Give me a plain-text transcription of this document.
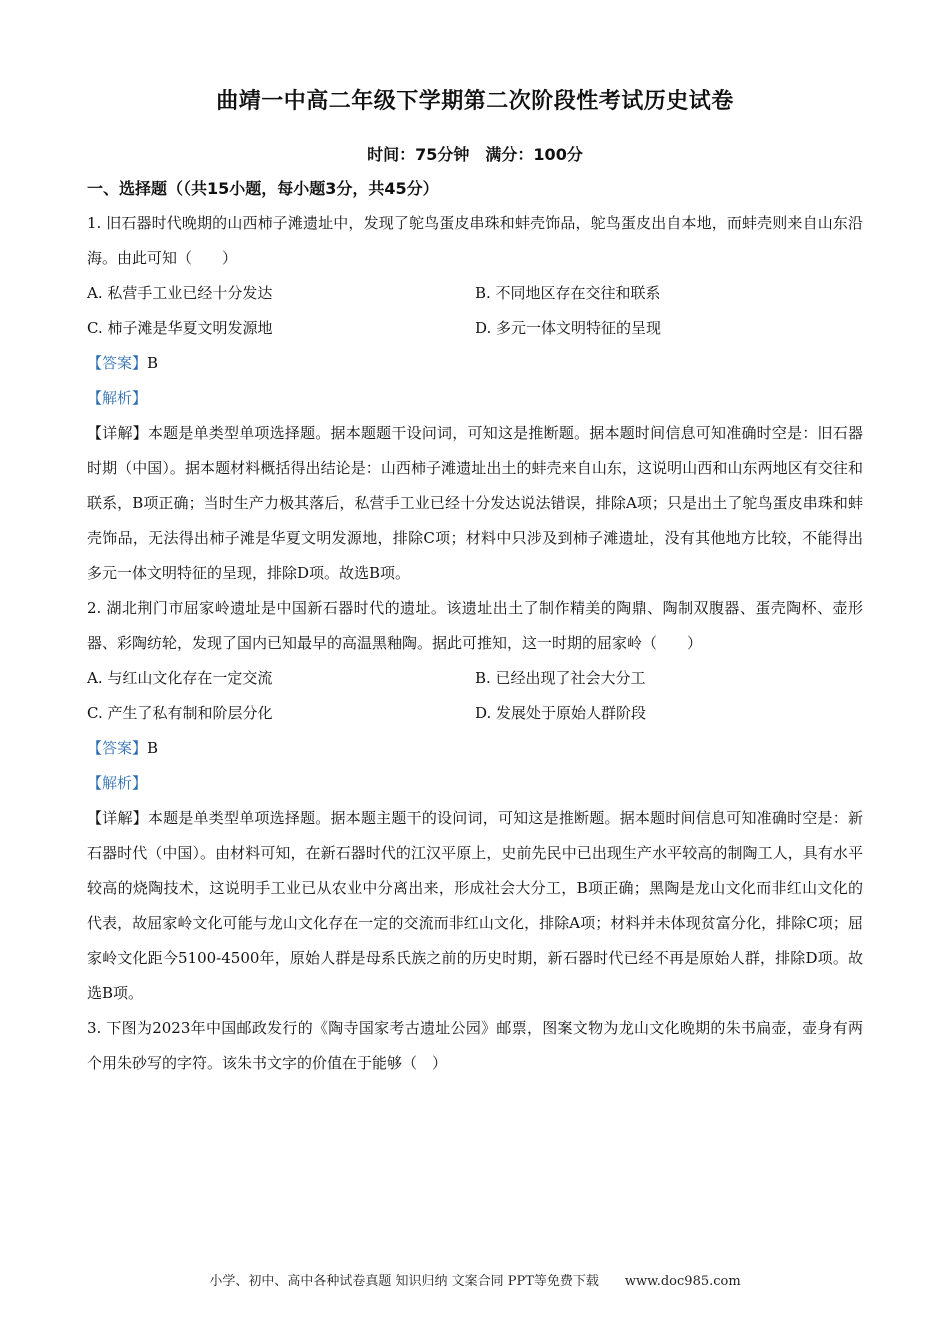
曲靖一中高二年级下学期第二次阶段性考试历史试卷
时间：75分钟　满分：100分
一、选择题（（共15小题，每小题3分，共45分）

1. 旧石器时代晚期的山西柿子滩遗址中，发现了鸵鸟蛋皮串珠和蚌壳饰品，鸵鸟蛋皮出自本地，而蚌壳则来自山东沿海。由此可知（　　）

A. 私营手工业已经十分发达	B. 不同地区存在交往和联系
C. 柿子滩是华夏文明发源地	D. 多元一体文明特征的呈现

【答案】B

【解析】

【详解】本题是单类型单项选择题。据本题题干设问词，可知这是推断题。据本题时间信息可知准确时空是：旧石器时期（中国）。据本题材料概括得出结论是：山西柿子滩遗址出土的蚌壳来自山东，这说明山西和山东两地区有交往和联系，B项正确；当时生产力极其落后，私营手工业已经十分发达说法错误，排除A项；只是出土了鸵鸟蛋皮串珠和蚌壳饰品，无法得出柿子滩是华夏文明发源地，排除C项；材料中只涉及到柿子滩遗址，没有其他地方比较，不能得出多元一体文明特征的呈现，排除D项。故选B项。

2. 湖北荆门市屈家岭遗址是中国新石器时代的遗址。该遗址出土了制作精美的陶鼎、陶制双腹器、蛋壳陶杯、壶形器、彩陶纺轮，发现了国内已知最早的高温黑釉陶。据此可推知，这一时期的屈家岭（　　）

A. 与红山文化存在一定交流	B. 已经出现了社会大分工
C. 产生了私有制和阶层分化	D. 发展处于原始人群阶段

【答案】B

【解析】

【详解】本题是单类型单项选择题。据本题主题干的设问词，可知这是推断题。据本题时间信息可知准确时空是：新石器时代（中国）。由材料可知，在新石器时代的江汉平原上，史前先民中已出现生产水平较高的制陶工人，具有水平较高的烧陶技术，这说明手工业已从农业中分离出来，形成社会大分工，B项正确；黑陶是龙山文化而非红山文化的代表，故屈家岭文化可能与龙山文化存在一定的交流而非红山文化，排除A项；材料并未体现贫富分化，排除C项；屈家岭文化距今5100-4500年，原始人群是母系氏族之前的历史时期，新石器时代已经不再是原始人群，排除D项。故选B项。

3. 下图为2023年中国邮政发行的《陶寺国家考古遗址公园》邮票，图案文物为龙山文化晚期的朱书扁壶，壶身有两个用朱砂写的字符。该朱书文字的价值在于能够（　）

小学、初中、高中各种试卷真题 知识归纳 文案合同 PPT等免费下载　　www.doc985.com
